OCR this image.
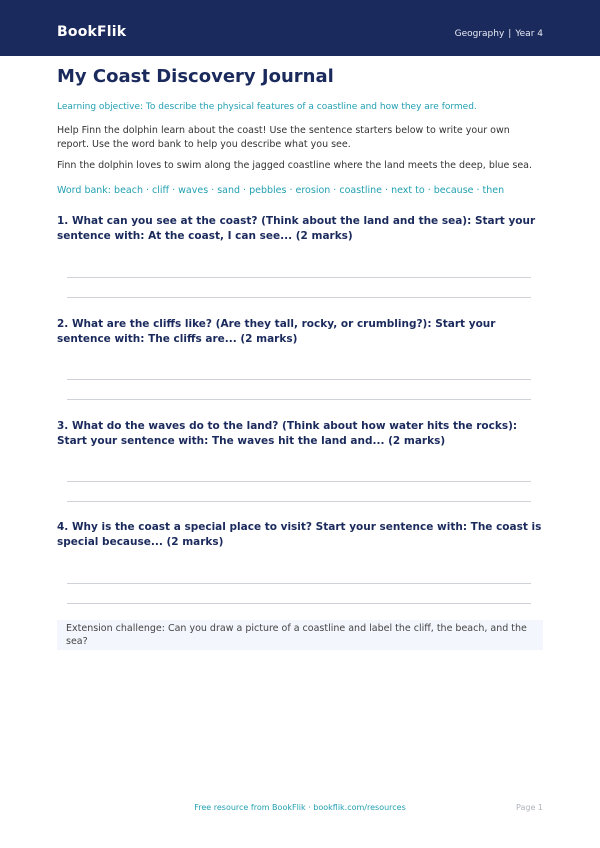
BookFlik	Geography | Year 4
My Coast Discovery Journal
Learning objective: To describe the physical features of a coastline and how they are formed.
Help Finn the dolphin learn about the coast! Use the sentence starters below to write your own report. Use the word bank to help you describe what you see.
Finn the dolphin loves to swim along the jagged coastline where the land meets the deep, blue sea.
Word bank: beach · cliff · waves · sand · pebbles · erosion · coastline · next to · because · then
1. What can you see at the coast? (Think about the land and the sea): Start your sentence with: At the coast, I can see... (2 marks)
2. What are the cliffs like? (Are they tall, rocky, or crumbling?): Start your sentence with: The cliffs are... (2 marks)
3. What do the waves do to the land? (Think about how water hits the rocks): Start your sentence with: The waves hit the land and... (2 marks)
4. Why is the coast a special place to visit? Start your sentence with: The coast is special because... (2 marks)
Extension challenge: Can you draw a picture of a coastline and label the cliff, the beach, and the sea?
Free resource from BookFlik · bookflik.com/resources	Page 1
